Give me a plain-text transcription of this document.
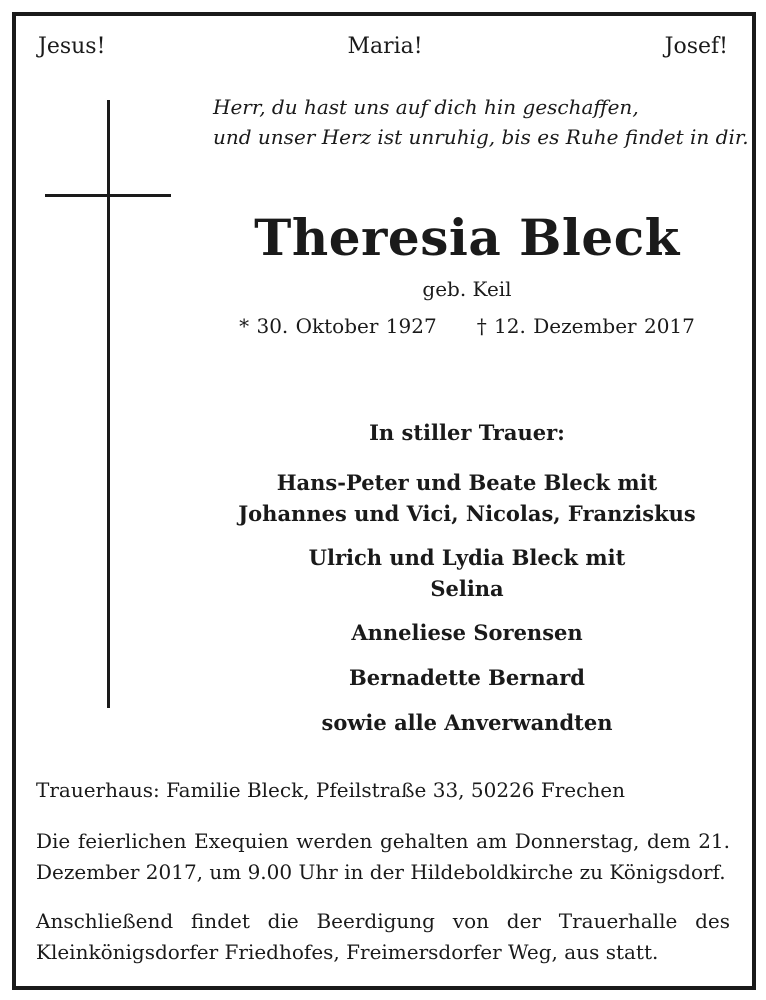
Jesus!	Maria!	Josef!
Herr, du hast uns auf dich hin geschaffen,
und unser Herz ist unruhig, bis es Ruhe findet in dir.
Theresia Bleck
geb. Keil
* 30. Oktober 1927 † 12. Dezember 2017
In stiller Trauer:
Hans-Peter und Beate Bleck mit
Johannes und Vici, Nicolas, Franziskus
Ulrich und Lydia Bleck mit
Selina
Anneliese Sorensen
Bernadette Bernard
sowie alle Anverwandten
Trauerhaus: Familie Bleck, Pfeilstraße 33, 50226 Frechen
Die feierlichen Exequien werden gehalten am Donnerstag, dem 21. Dezember 2017, um 9.00 Uhr in der Hildeboldkirche zu Königsdorf.
Anschließend findet die Beerdigung von der Trauerhalle des Kleinkönigsdorfer Friedhofes, Freimersdorfer Weg, aus statt.
